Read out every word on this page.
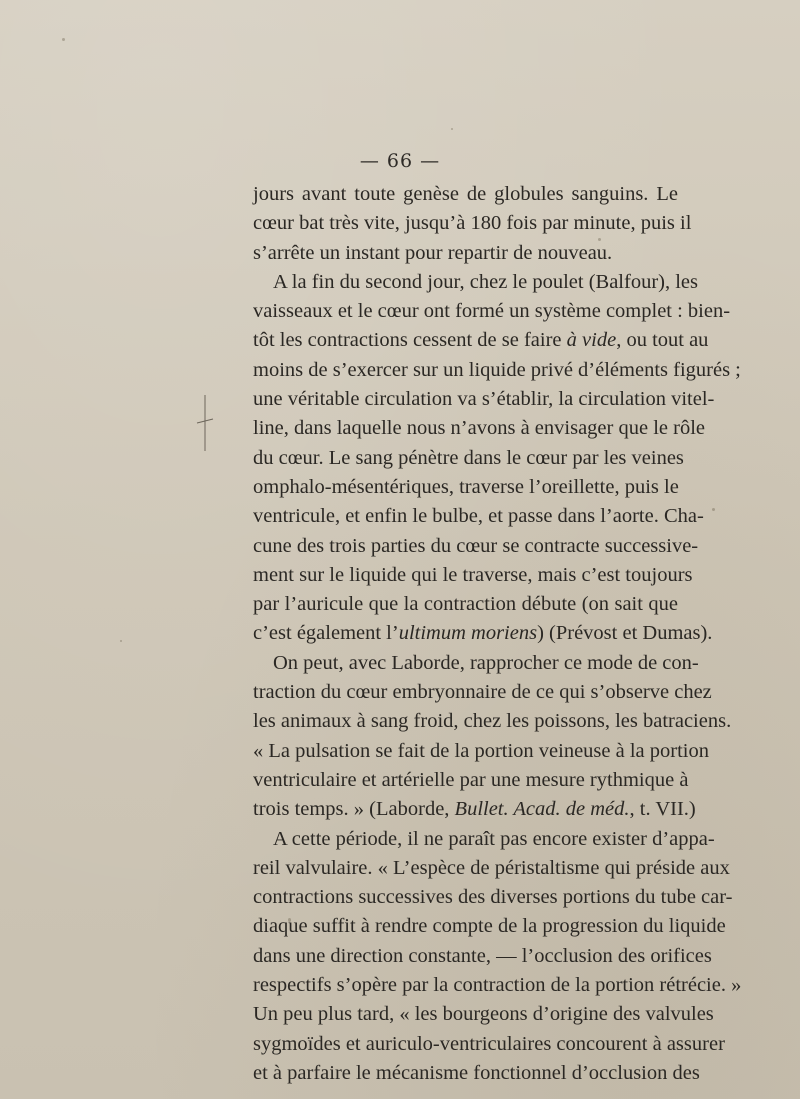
— 66 —
jours avant toute genèse de globules sanguins. Le
cœur bat très vite, jusqu’à 180 fois par minute, puis il
s’arrête un instant pour repartir de nouveau.
A la fin du second jour, chez le poulet (Balfour), les
vaisseaux et le cœur ont formé un système complet : bien-
tôt les contractions cessent de se faire à vide, ou tout au
moins de s’exercer sur un liquide privé d’éléments figurés ;
une véritable circulation va s’établir, la circulation vitel-
line, dans laquelle nous n’avons à envisager que le rôle
du cœur. Le sang pénètre dans le cœur par les veines
omphalo-mésentériques, traverse l’oreillette, puis le
ventricule, et enfin le bulbe, et passe dans l’aorte. Cha-
cune des trois parties du cœur se contracte successive-
ment sur le liquide qui le traverse, mais c’est toujours
par l’auricule que la contraction débute (on sait que
c’est également l’ultimum moriens) (Prévost et Dumas).
On peut, avec Laborde, rapprocher ce mode de con-
traction du cœur embryonnaire de ce qui s’observe chez
les animaux à sang froid, chez les poissons, les batraciens.
« La pulsation se fait de la portion veineuse à la portion
ventriculaire et artérielle par une mesure rythmique à
trois temps. » (Laborde, Bullet. Acad. de méd., t. VII.)
A cette période, il ne paraît pas encore exister d’appa-
reil valvulaire. « L’espèce de péristaltisme qui préside aux
contractions successives des diverses portions du tube car-
diaque suffit à rendre compte de la progression du liquide
dans une direction constante, — l’occlusion des orifices
respectifs s’opère par la contraction de la portion rétrécie. »
Un peu plus tard, « les bourgeons d’origine des valvules
sygmoïdes et auriculo-ventriculaires concourent à assurer
et à parfaire le mécanisme fonctionnel d’occlusion des
